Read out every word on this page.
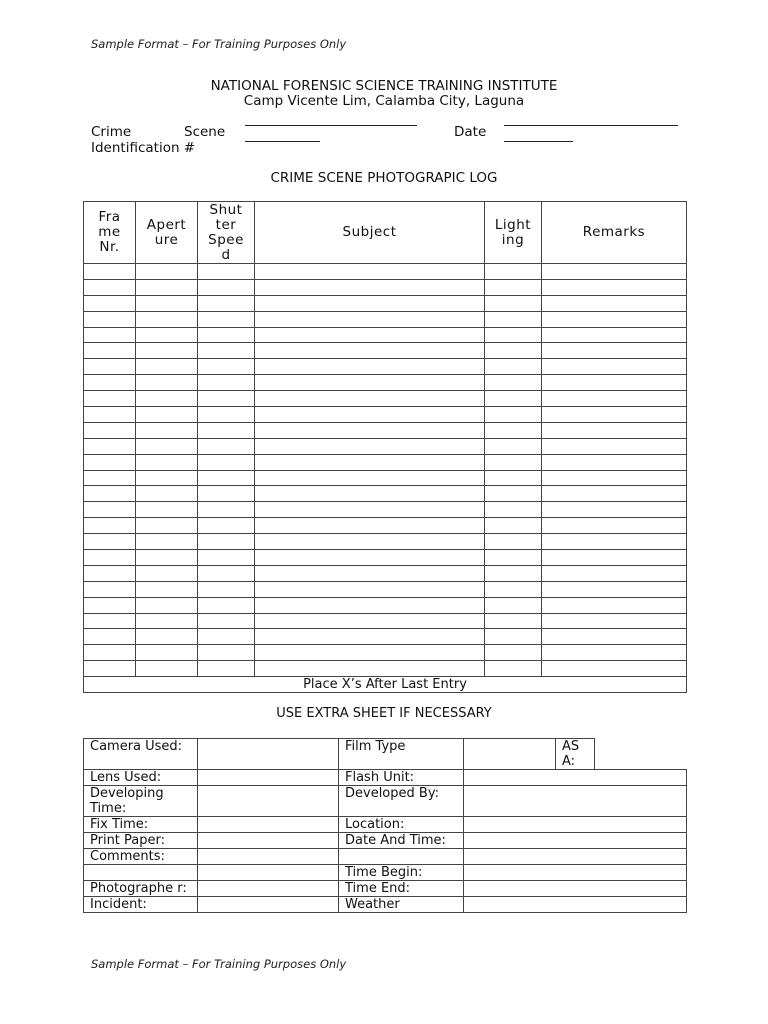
Sample Format – For Training Purposes Only
NATIONAL FORENSIC SCIENCE TRAINING INSTITUTE
Camp Vicente Lim, Calamba City, Laguna
Crime	Scene
Identification #
Date
CRIME SCENE PHOTOGRAPIC LOG
Fra me Nr.	Apert ure	Shut ter Spee d	Subject	Light ing	Remarks

Place X’s After Last Entry					
USE EXTRA SHEET IF NECESSARY
Camera Used:		Film Type		AS A:	
Lens Used:		Flash Unit:			
Developing Time:		Developed By:			
Fix Time:		Location:			
Print Paper:		Date And Time:			
Comments:					
		Time Begin:			
Photographe r:		Time End:			
Incident:		Weather			
Sample Format – For Training Purposes Only
